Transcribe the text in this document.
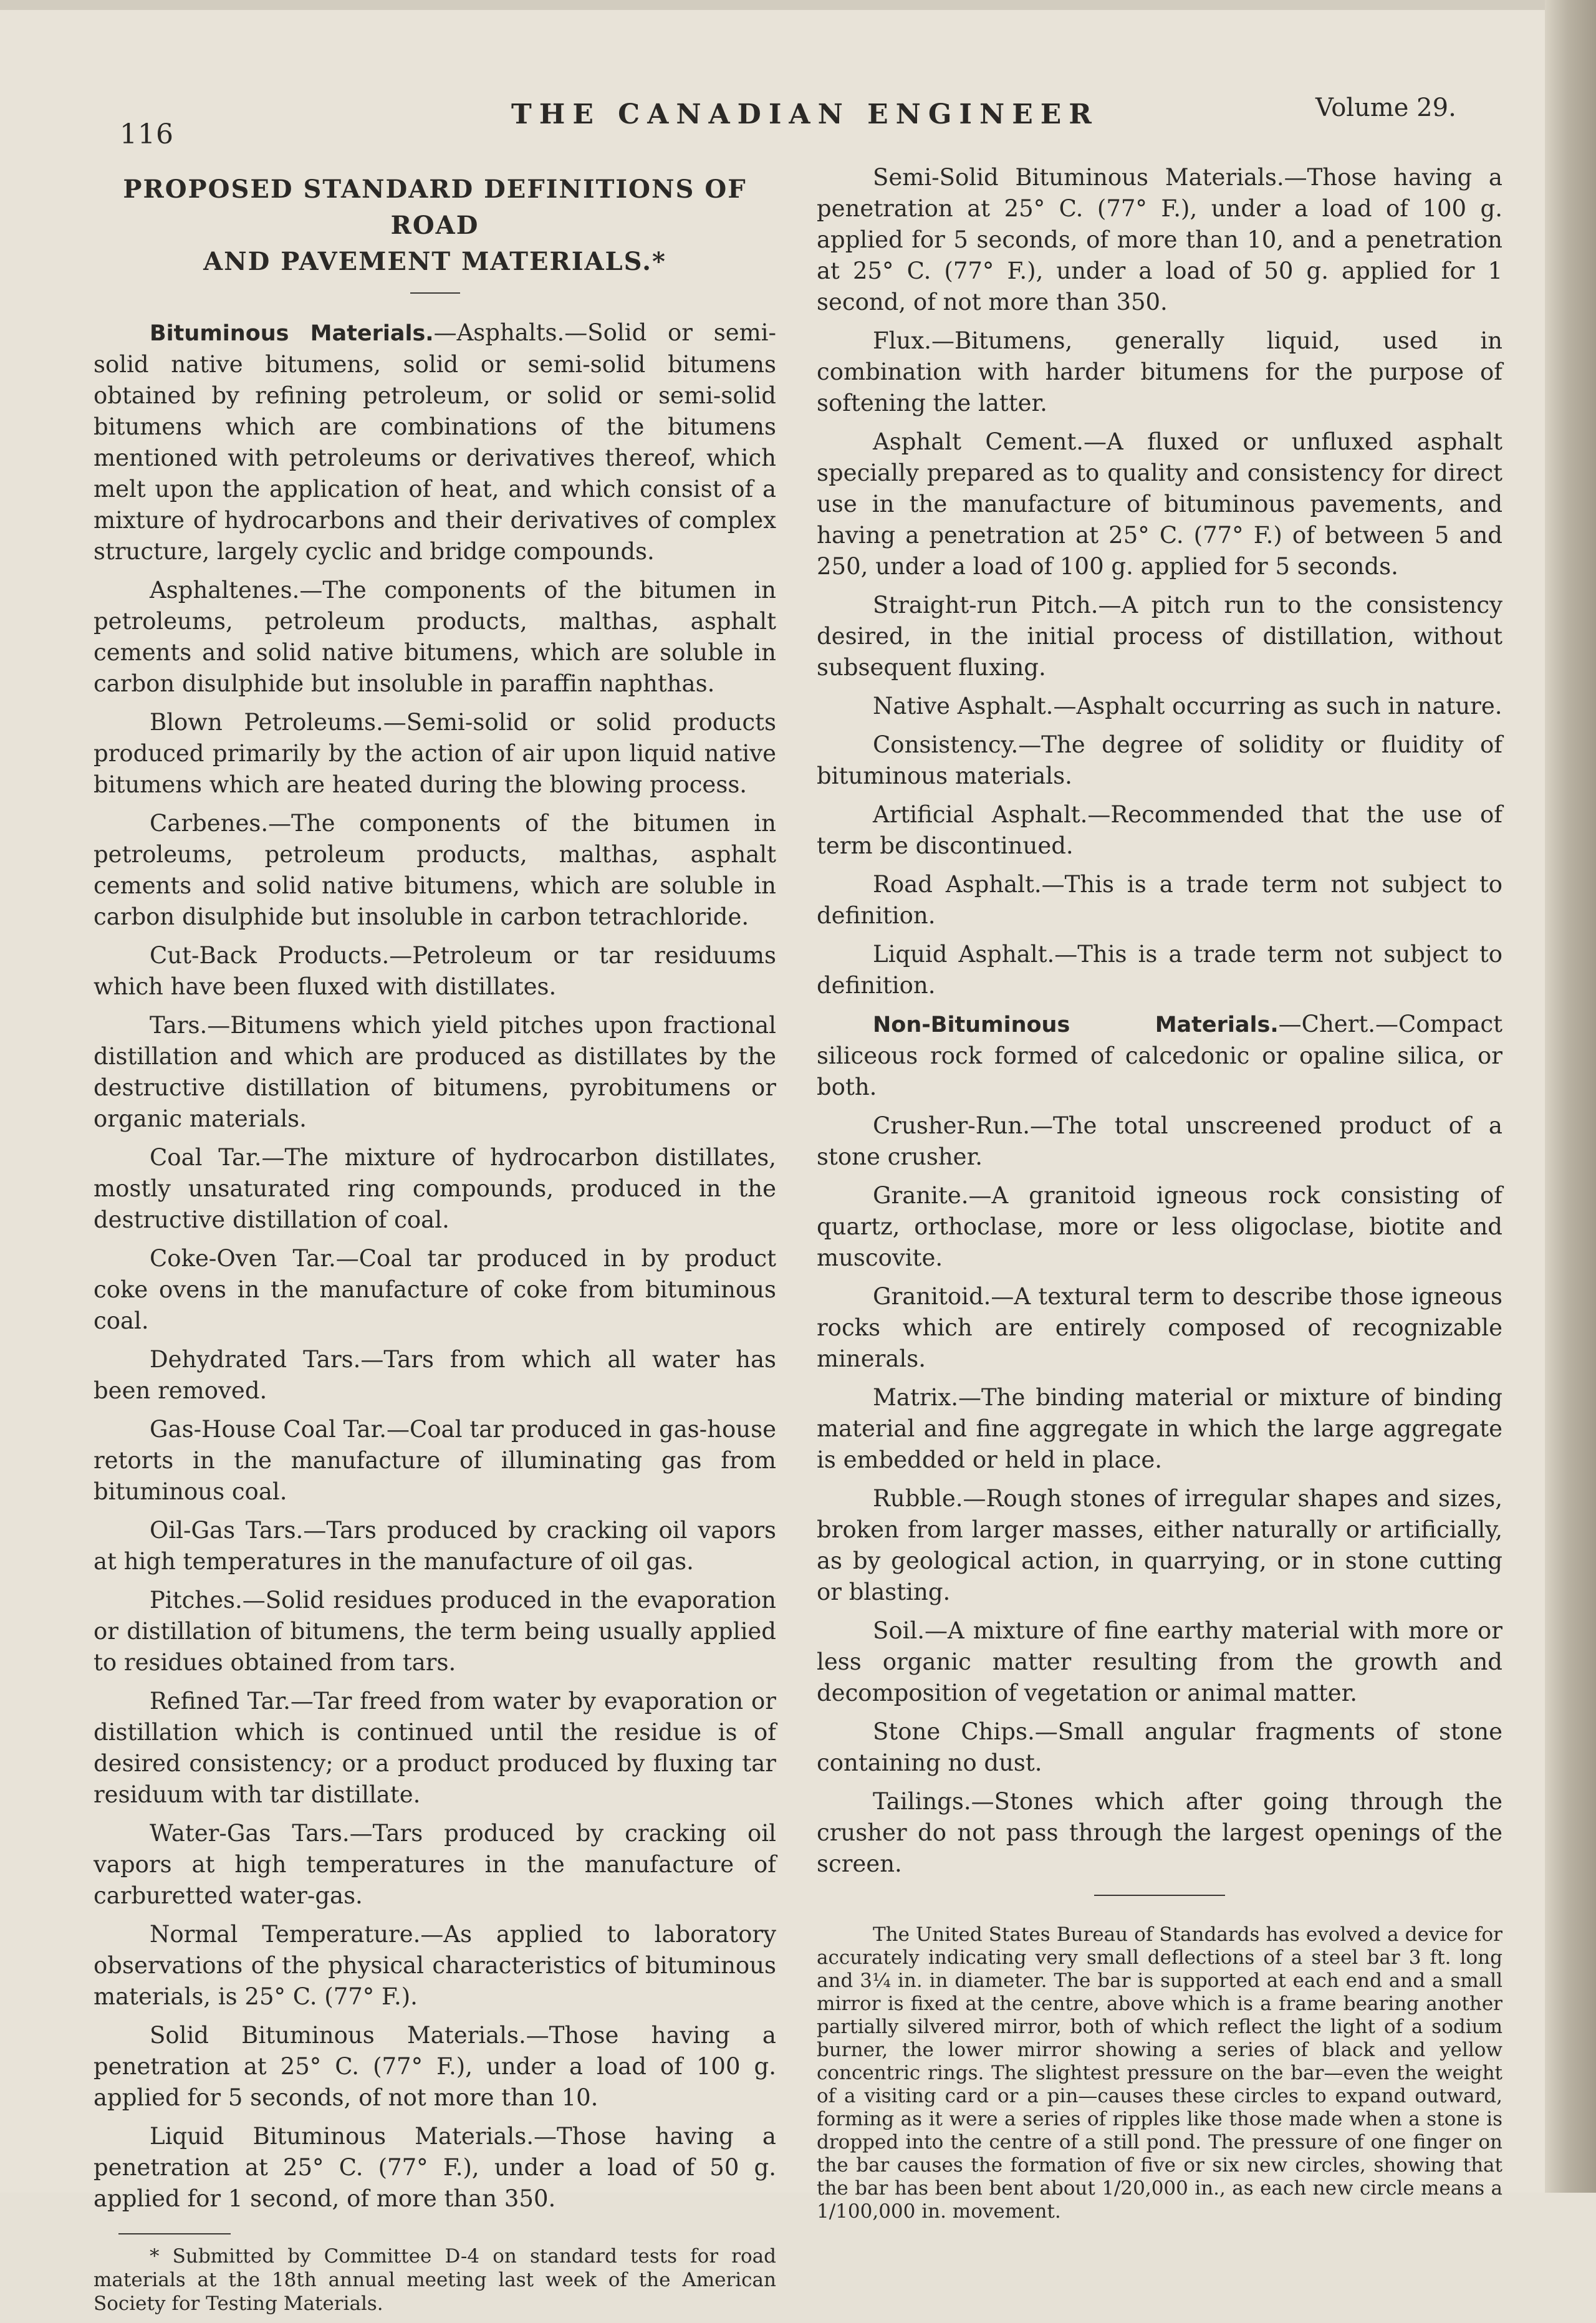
116
THE CANADIAN ENGINEER	Volume 29.
PROPOSED STANDARD DEFINITIONS OF ROAD
AND PAVEMENT MATERIALS.*

Bituminous Materials.—Asphalts.—Solid or semi-solid native bitumens, solid or semi-solid bitumens obtained by refining petroleum, or solid or semi-solid bitumens which are combinations of the bitumens mentioned with petroleums or derivatives thereof, which melt upon the application of heat, and which consist of a mixture of hydrocarbons and their derivatives of complex structure, largely cyclic and bridge compounds.

Asphaltenes.—The components of the bitumen in petroleums, petroleum products, malthas, asphalt cements and solid native bitumens, which are soluble in carbon disulphide but insoluble in paraffin naphthas.

Blown Petroleums.—Semi-solid or solid products produced primarily by the action of air upon liquid native bitumens which are heated during the blowing process.

Carbenes.—The components of the bitumen in petroleums, petroleum products, malthas, asphalt cements and solid native bitumens, which are soluble in carbon disulphide but insoluble in carbon tetrachloride.

Cut-Back Products.—Petroleum or tar residuums which have been fluxed with distillates.

Tars.—Bitumens which yield pitches upon fractional distillation and which are produced as distillates by the destructive distillation of bitumens, pyrobitumens or organic materials.

Coal Tar.—The mixture of hydrocarbon distillates, mostly unsaturated ring compounds, produced in the destructive distillation of coal.

Coke-Oven Tar.—Coal tar produced in by product coke ovens in the manufacture of coke from bituminous coal.

Dehydrated Tars.—Tars from which all water has been removed.

Gas-House Coal Tar.—Coal tar produced in gas-house retorts in the manufacture of illuminating gas from bituminous coal.

Oil-Gas Tars.—Tars produced by cracking oil vapors at high temperatures in the manufacture of oil gas.

Pitches.—Solid residues produced in the evaporation or distillation of bitumens, the term being usually applied to residues obtained from tars.

Refined Tar.—Tar freed from water by evaporation or distillation which is continued until the residue is of desired consistency; or a product produced by fluxing tar residuum with tar distillate.

Water-Gas Tars.—Tars produced by cracking oil vapors at high temperatures in the manufacture of carburetted water-gas.

Normal Temperature.—As applied to laboratory observations of the physical characteristics of bituminous materials, is 25° C. (77° F.).

Solid Bituminous Materials.—Those having a penetration at 25° C. (77° F.), under a load of 100 g. applied for 5 seconds, of not more than 10.

Liquid Bituminous Materials.—Those having a penetration at 25° C. (77° F.), under a load of 50 g. applied for 1 second, of more than 350.

* Submitted by Committee D-4 on standard tests for road materials at the 18th annual meeting last week of the American Society for Testing Materials.

Semi-Solid Bituminous Materials.—Those having a penetration at 25° C. (77° F.), under a load of 100 g. applied for 5 seconds, of more than 10, and a penetration at 25° C. (77° F.), under a load of 50 g. applied for 1 second, of not more than 350.

Flux.—Bitumens, generally liquid, used in combination with harder bitumens for the purpose of softening the latter.

Asphalt Cement.—A fluxed or unfluxed asphalt specially prepared as to quality and consistency for direct use in the manufacture of bituminous pavements, and having a penetration at 25° C. (77° F.) of between 5 and 250, under a load of 100 g. applied for 5 seconds.

Straight-run Pitch.—A pitch run to the consistency desired, in the initial process of distillation, without subsequent fluxing.

Native Asphalt.—Asphalt occurring as such in nature.

Consistency.—The degree of solidity or fluidity of bituminous materials.

Artificial Asphalt.—Recommended that the use of term be discontinued.

Road Asphalt.—This is a trade term not subject to definition.

Liquid Asphalt.—This is a trade term not subject to definition.

Non-Bituminous Materials.—Chert.—Compact siliceous rock formed of calcedonic or opaline silica, or both.

Crusher-Run.—The total unscreened product of a stone crusher.

Granite.—A granitoid igneous rock consisting of quartz, orthoclase, more or less oligoclase, biotite and muscovite.

Granitoid.—A textural term to describe those igneous rocks which are entirely composed of recognizable minerals.

Matrix.—The binding material or mixture of binding material and fine aggregate in which the large aggregate is embedded or held in place.

Rubble.—Rough stones of irregular shapes and sizes, broken from larger masses, either naturally or artificially, as by geological action, in quarrying, or in stone cutting or blasting.

Soil.—A mixture of fine earthy material with more or less organic matter resulting from the growth and decomposition of vegetation or animal matter.

Stone Chips.—Small angular fragments of stone containing no dust.

Tailings.—Stones which after going through the crusher do not pass through the largest openings of the screen.

The United States Bureau of Standards has evolved a device for accurately indicating very small deflections of a steel bar 3 ft. long and 3¼ in. in diameter. The bar is supported at each end and a small mirror is fixed at the centre, above which is a frame bearing another partially silvered mirror, both of which reflect the light of a sodium burner, the lower mirror showing a series of black and yellow concentric rings. The slightest pressure on the bar—even the weight of a visiting card or a pin—causes these circles to expand outward, forming as it were a series of ripples like those made when a stone is dropped into the centre of a still pond. The pressure of one finger on the bar causes the formation of five or six new circles, showing that the bar has been bent about 1/20,000 in., as each new circle means a 1/100,000 in. movement.
